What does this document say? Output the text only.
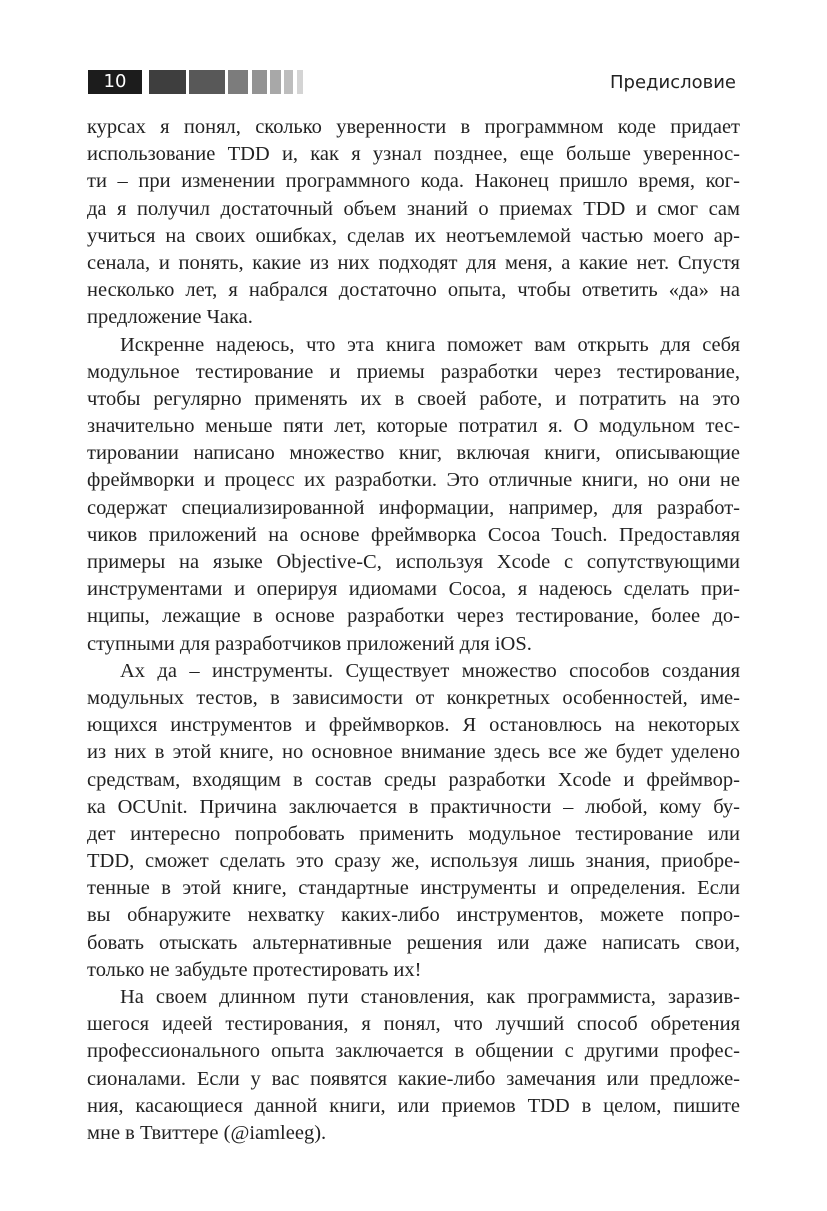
10	Предисловие
курсах я понял, сколько уверенности в программном коде придает
использование TDD и, как я узнал позднее, еще больше увереннос-
ти – при изменении программного кода. Наконец пришло время, ког-
да я получил достаточный объем знаний о приемах TDD и смог сам
учиться на своих ошибках, сделав их неотъемлемой частью моего ар-
сенала, и понять, какие из них подходят для меня, а какие нет. Спустя
несколько лет, я набрался достаточно опыта, чтобы ответить «да» на
предложение Чака.
Искренне надеюсь, что эта книга поможет вам открыть для себя
модульное тестирование и приемы разработки через тестирование,
чтобы регулярно применять их в своей работе, и потратить на это
значительно меньше пяти лет, которые потратил я. О модульном тес-
тировании написано множество книг, включая книги, описывающие
фреймворки и процесс их разработки. Это отличные книги, но они не
содержат специализированной информации, например, для разработ-
чиков приложений на основе фреймворка Cocoa Touch. Предоставляя
примеры на языке Objective-C, используя Xcode с сопутствующими
инструментами и оперируя идиомами Cocoa, я надеюсь сделать при-
нципы, лежащие в основе разработки через тестирование, более до-
ступными для разработчиков приложений для iOS.
Ах да – инструменты. Существует множество способов создания
модульных тестов, в зависимости от конкретных особенностей, име-
ющихся инструментов и фреймворков. Я остановлюсь на некоторых
из них в этой книге, но основное внимание здесь все же будет уделено
средствам, входящим в состав среды разработки Xcode и фреймвор-
ка OCUnit. Причина заключается в практичности – любой, кому бу-
дет интересно попробовать применить модульное тестирование или
TDD, сможет сделать это сразу же, используя лишь знания, приобре-
тенные в этой книге, стандартные инструменты и определения. Если
вы обнаружите нехватку каких-либо инструментов, можете попро-
бовать отыскать альтернативные решения или даже написать свои,
только не забудьте протестировать их!
На своем длинном пути становления, как программиста, заразив-
шегося идеей тестирования, я понял, что лучший способ обретения
профессионального опыта заключается в общении с другими профес-
сионалами. Если у вас появятся какие-либо замечания или предложе-
ния, касающиеся данной книги, или приемов TDD в целом, пишите
мне в Твиттере (@iamleeg).
